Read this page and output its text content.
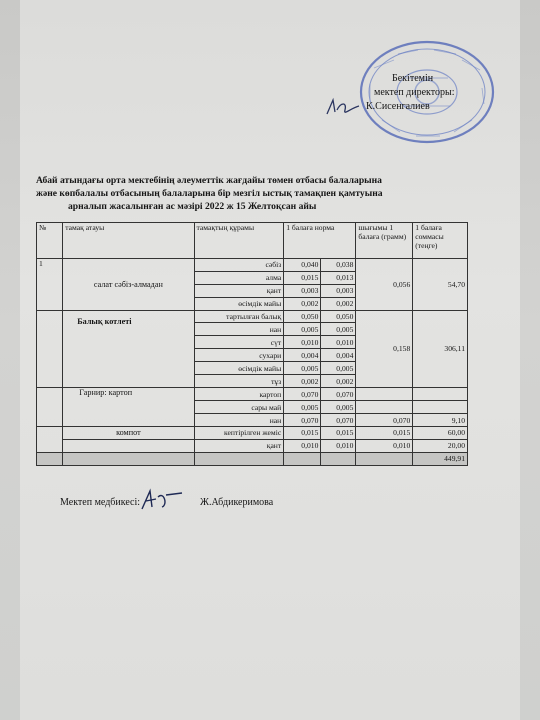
Бекітемін
мектеп директоры:
К.Сисенгалиев
Абай атындағы орта мектебінің әлеуметтік жағдайы төмен отбасы балаларына
және көпбалалы отбасының балаларына бір мезгіл ыстық тамақпен қамтуына
арналып жасалынған ас мәзірі 2022 ж 15 Желтоқсан айы
№	тамақ атауы	тамақтың құрамы	1 балаға норма		шығымы 1 балаға (грамм)	1 балаға соммасы (теңге)
1	салат сәбіз-алмадан	сәбіз	0,040	0,038	0,056	54,70
		алма	0,015	0,013		
		қант	0,003	0,003		
		өсімдік майы	0,002	0,002		
	Балық котлеті	тартылған балық	0,050	0,050	0,158	306,11
		нан	0,005	0,005		
		сүт	0,010	0,010		
		сухари	0,004	0,004		
		өсімдік майы	0,005	0,005		
		тұз	0,002	0,002		
	Гарнир: картоп	картоп	0,070	0,070		
		сары май	0,005	0,005		
		нан	0,070	0,070	0,070	9,10
	компот	кептірілген жеміс	0,015	0,015	0,015	60,00
		қант	0,010	0,010	0,010	20,00
						449,91
Мектеп медбикесі:	Ж.Абдикеримова
